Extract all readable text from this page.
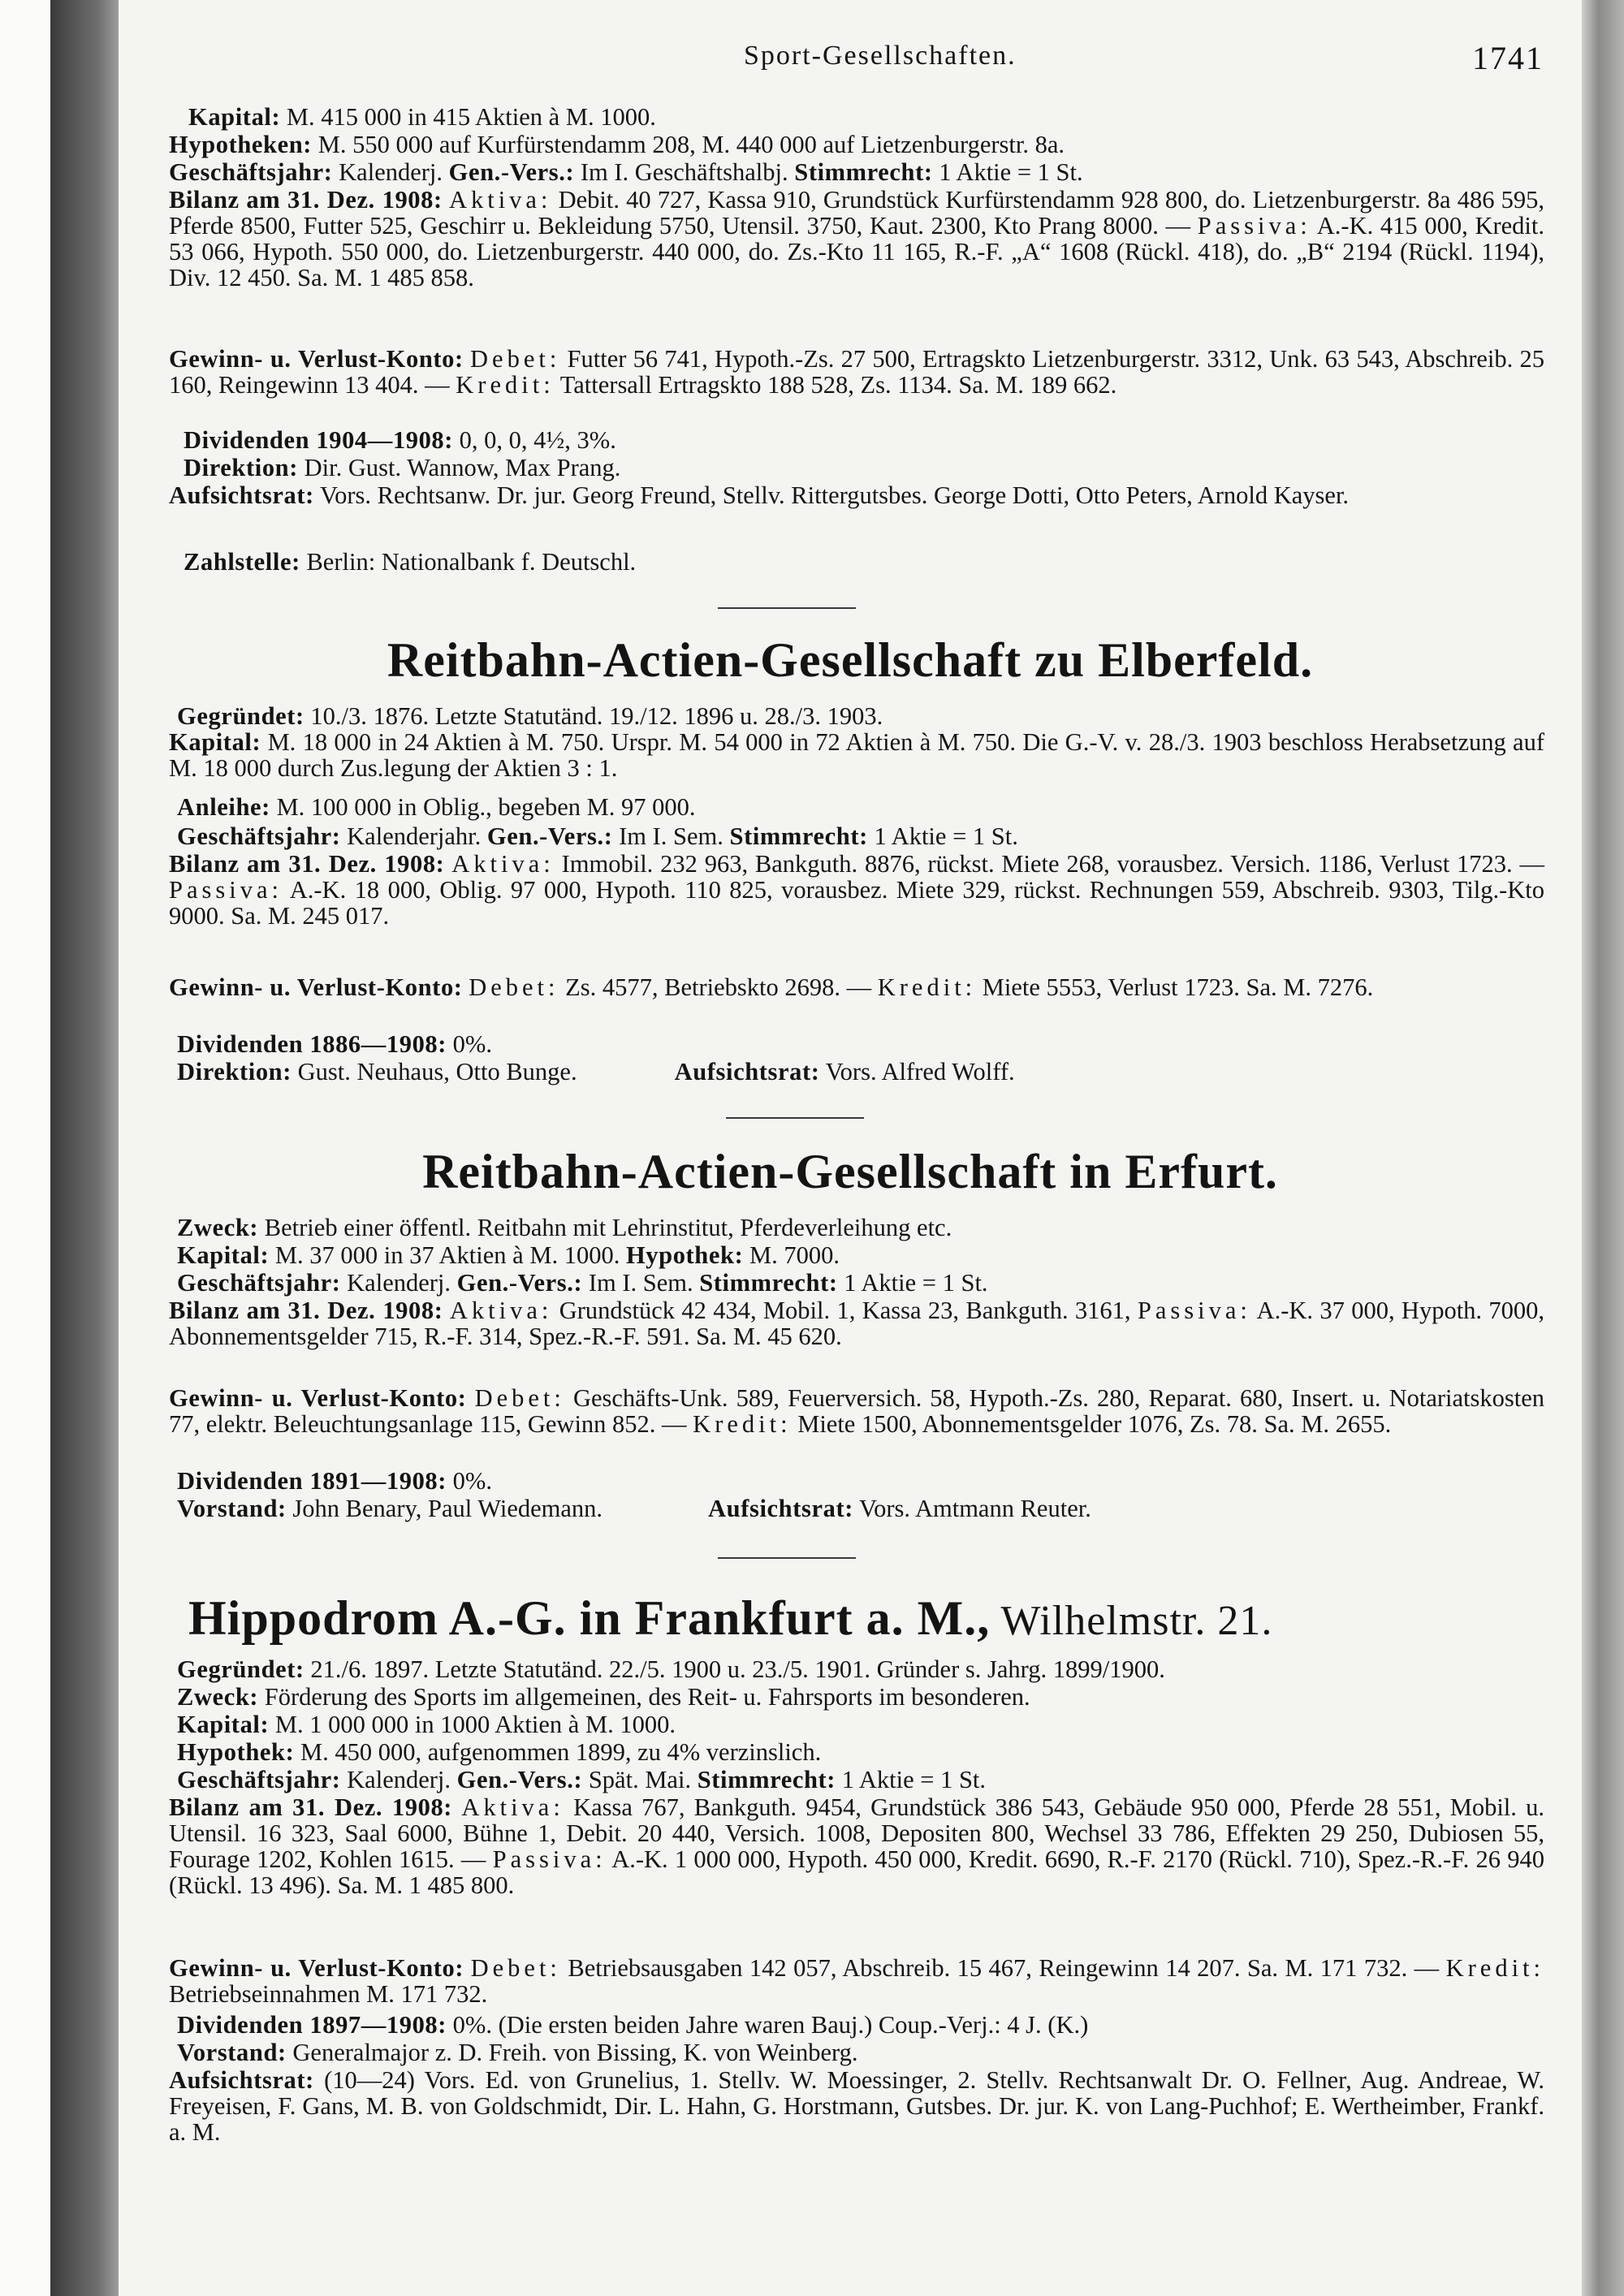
Sport-Gesellschaften.	1741

Kapital: M. 415 000 in 415 Aktien à M. 1000.

Hypotheken: M. 550 000 auf Kurfürstendamm 208, M. 440 000 auf Lietzenburgerstr. 8a.

Geschäftsjahr: Kalenderj. Gen.-Vers.: Im I. Geschäftshalbj. Stimmrecht: 1 Aktie = 1 St.

Bilanz am 31. Dez. 1908: Aktiva: Debit. 40 727, Kassa 910, Grundstück Kurfürstendamm 928 800, do. Lietzenburgerstr. 8a 486 595, Pferde 8500, Futter 525, Geschirr u. Bekleidung 5750, Utensil. 3750, Kaut. 2300, Kto Prang 8000. — Passiva: A.-K. 415 000, Kredit. 53 066, Hypoth. 550 000, do. Lietzenburgerstr. 440 000, do. Zs.-Kto 11 165, R.-F. „A“ 1608 (Rückl. 418), do. „B“ 2194 (Rückl. 1194), Div. 12 450. Sa. M. 1 485 858.

Gewinn- u. Verlust-Konto: Debet: Futter 56 741, Hypoth.-Zs. 27 500, Ertragskto Lietzenburgerstr. 3312, Unk. 63 543, Abschreib. 25 160, Reingewinn 13 404. — Kredit: Tattersall Ertragskto 188 528, Zs. 1134. Sa. M. 189 662.

Dividenden 1904—1908: 0, 0, 0, 4½, 3%.

Direktion: Dir. Gust. Wannow, Max Prang.

Aufsichtsrat: Vors. Rechtsanw. Dr. jur. Georg Freund, Stellv. Rittergutsbes. George Dotti, Otto Peters, Arnold Kayser.

Zahlstelle: Berlin: Nationalbank f. Deutschl.

Reitbahn-Actien-Gesellschaft zu Elberfeld.

Gegründet: 10./3. 1876. Letzte Statutänd. 19./12. 1896 u. 28./3. 1903.

Kapital: M. 18 000 in 24 Aktien à M. 750. Urspr. M. 54 000 in 72 Aktien à M. 750. Die G.-V. v. 28./3. 1903 beschloss Herabsetzung auf M. 18 000 durch Zus.legung der Aktien 3 : 1.

Anleihe: M. 100 000 in Oblig., begeben M. 97 000.

Geschäftsjahr: Kalenderjahr. Gen.-Vers.: Im I. Sem. Stimmrecht: 1 Aktie = 1 St.

Bilanz am 31. Dez. 1908: Aktiva: Immobil. 232 963, Bankguth. 8876, rückst. Miete 268, vorausbez. Versich. 1186, Verlust 1723. — Passiva: A.-K. 18 000, Oblig. 97 000, Hypoth. 110 825, vorausbez. Miete 329, rückst. Rechnungen 559, Abschreib. 9303, Tilg.-Kto 9000. Sa. M. 245 017.

Gewinn- u. Verlust-Konto: Debet: Zs. 4577, Betriebskto 2698. — Kredit: Miete 5553, Verlust 1723. Sa. M. 7276.

Dividenden 1886—1908: 0%.

Direktion: Gust. Neuhaus, Otto Bunge.	Aufsichtsrat: Vors. Alfred Wolff.

Reitbahn-Actien-Gesellschaft in Erfurt.

Zweck: Betrieb einer öffentl. Reitbahn mit Lehrinstitut, Pferdeverleihung etc.

Kapital: M. 37 000 in 37 Aktien à M. 1000. Hypothek: M. 7000.

Geschäftsjahr: Kalenderj. Gen.-Vers.: Im I. Sem. Stimmrecht: 1 Aktie = 1 St.

Bilanz am 31. Dez. 1908: Aktiva: Grundstück 42 434, Mobil. 1, Kassa 23, Bankguth. 3161, Passiva: A.-K. 37 000, Hypoth. 7000, Abonnementsgelder 715, R.-F. 314, Spez.-R.-F. 591. Sa. M. 45 620.

Gewinn- u. Verlust-Konto: Debet: Geschäfts-Unk. 589, Feuerversich. 58, Hypoth.-Zs. 280, Reparat. 680, Insert. u. Notariatskosten 77, elektr. Beleuchtungsanlage 115, Gewinn 852. — Kredit: Miete 1500, Abonnementsgelder 1076, Zs. 78. Sa. M. 2655.

Dividenden 1891—1908: 0%.

Vorstand: John Benary, Paul Wiedemann.	Aufsichtsrat: Vors. Amtmann Reuter.

Hippodrom A.-G. in Frankfurt a. M., Wilhelmstr. 21.

Gegründet: 21./6. 1897. Letzte Statutänd. 22./5. 1900 u. 23./5. 1901. Gründer s. Jahrg. 1899/1900.

Zweck: Förderung des Sports im allgemeinen, des Reit- u. Fahrsports im besonderen.

Kapital: M. 1 000 000 in 1000 Aktien à M. 1000.

Hypothek: M. 450 000, aufgenommen 1899, zu 4% verzinslich.

Geschäftsjahr: Kalenderj. Gen.-Vers.: Spät. Mai. Stimmrecht: 1 Aktie = 1 St.

Bilanz am 31. Dez. 1908: Aktiva: Kassa 767, Bankguth. 9454, Grundstück 386 543, Gebäude 950 000, Pferde 28 551, Mobil. u. Utensil. 16 323, Saal 6000, Bühne 1, Debit. 20 440, Versich. 1008, Depositen 800, Wechsel 33 786, Effekten 29 250, Dubiosen 55, Fourage 1202, Kohlen 1615. — Passiva: A.-K. 1 000 000, Hypoth. 450 000, Kredit. 6690, R.-F. 2170 (Rückl. 710), Spez.-R.-F. 26 940 (Rückl. 13 496). Sa. M. 1 485 800.

Gewinn- u. Verlust-Konto: Debet: Betriebsausgaben 142 057, Abschreib. 15 467, Reingewinn 14 207. Sa. M. 171 732. — Kredit: Betriebseinnahmen M. 171 732.

Dividenden 1897—1908: 0%. (Die ersten beiden Jahre waren Bauj.) Coup.-Verj.: 4 J. (K.)

Vorstand: Generalmajor z. D. Freih. von Bissing, K. von Weinberg.

Aufsichtsrat: (10—24) Vors. Ed. von Grunelius, 1. Stellv. W. Moessinger, 2. Stellv. Rechtsanwalt Dr. O. Fellner, Aug. Andreae, W. Freyeisen, F. Gans, M. B. von Goldschmidt, Dir. L. Hahn, G. Horstmann, Gutsbes. Dr. jur. K. von Lang-Puchhof; E. Wertheimber, Frankf. a. M.
